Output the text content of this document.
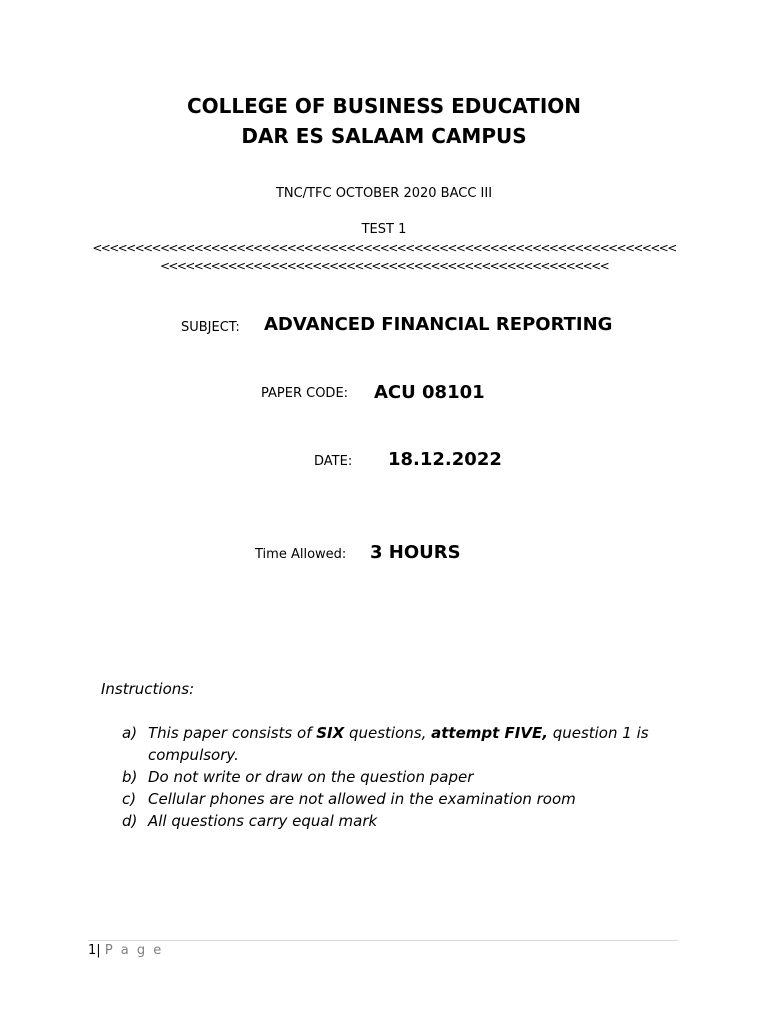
COLLEGE OF BUSINESS EDUCATION
DAR ES SALAAM CAMPUS
TNC/TFC OCTOBER 2020 BACC III
TEST 1
<<<<<<<<<<<<<<<<<<<<<<<<<<<<<<<<<<<<<<<<<<<<<<<<<<<<<<<<<<<<<<<<<<<<<
<<<<<<<<<<<<<<<<<<<<<<<<<<<<<<<<<<<<<<<<<<<<<<<<<<<<<
SUBJECT: ADVANCED FINANCIAL REPORTING
PAPER CODE: ACU 08101
DATE: 18.12.2022
Time Allowed: 3 HOURS
Instructions:
a) This paper consists of SIX questions, attempt FIVE, question 1 is compulsory.
b) Do not write or draw on the question paper
c) Cellular phones are not allowed in the examination room
d) All questions carry equal mark
1| P a g e
